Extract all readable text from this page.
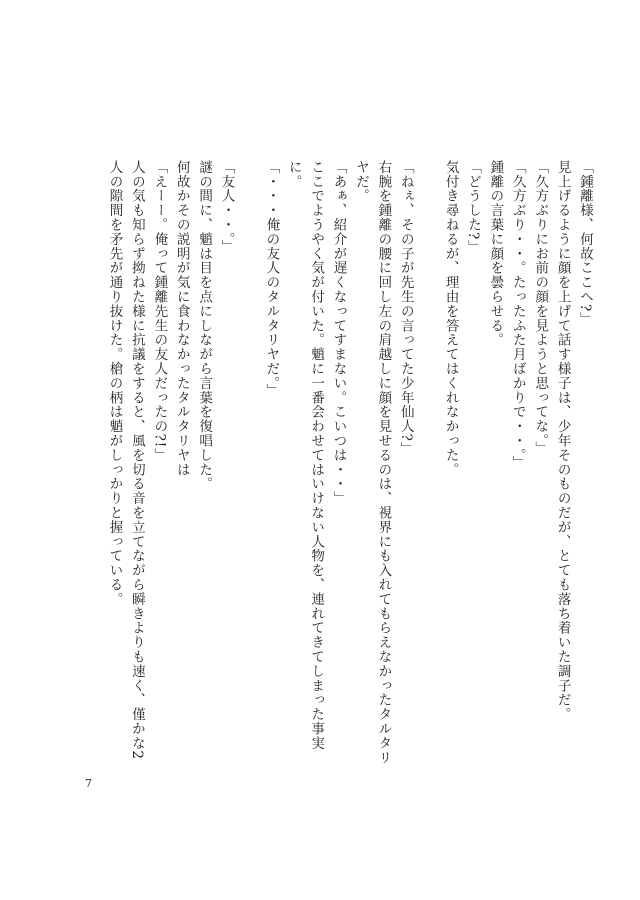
「鍾離様、何故ここへ?」

見上げるように顔を上げて話す様子は、少年そのものだが、とても落ち着いた調子だ。

「久方ぶりにお前の顔を見ようと思ってな。」

「久方ぶり・・。たったふた月ばかりで・・。」

鍾離の言葉に顔を曇らせる。

「どうした?」

気付き尋ねるが、理由を答えてはくれなかった。

「ねぇ、その子が先生の言ってた少年仙人?」

右腕を鍾離の腰に回し左の肩越しに顔を見せるのは、視界にも入れてもらえなかったタルタリヤだ。

「あぁ、紹介が遅くなってすまない。こいつは・・」

ここでようやく気が付いた。魈に一番会わせてはいけない人物を、連れてきてしまった事実に。

「・・・俺の友人のタルタリヤだ。」

「友人・・。」

謎の間に、魈は目を点にしながら言葉を復唱した。

何故かその説明が気に食わなかったタルタリヤは

「えーー。俺って鍾離先生の友人だったの?!」

人の気も知らず拗ねた様に抗議をすると、風を切る音を立てながら瞬きよりも速く、僅かな2人の隙間を矛先が通り抜けた。槍の柄は魈がしっかりと握っている。

7
